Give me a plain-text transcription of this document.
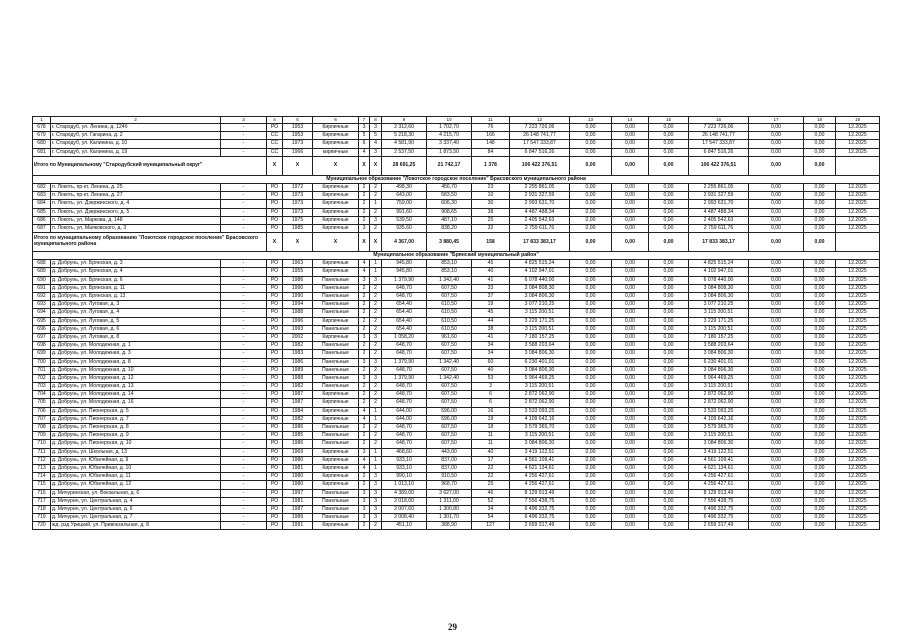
1	2	3	4	5	6	7	8	9	10	11	12	13	14	15	16	17	18	19
678	г. Стародуб, ул. Ленина, д. 124б	-	РО	1953	Кирпичные	3	3	2 312,60	1 702,70	76	7 223 726,06	0,00	0,00	0,00	7 223 726,06	0,00	0,00	12.2025
679	г. Стародуб, ул. Гагарина, д. 2	-	СС	1953	Кирпичные	5	5	5 218,30	4 215,70	166	26 148 741,77	0,00	0,00	0,00	26 148 741,77	0,00	0,00	12.2025
680	г. Стародуб, ул. Калинина, д. 10	-	СС	1973	Кирпичные	6	4	4 581,90	3 337,40	148	17 547 333,87	0,00	0,00	0,00	17 547 333,87	0,00	0,00	12.2025
681	г. Стародуб, ул. Калинина, д. 19	-	СС	1966	кирпичные	4	3	2 537,50	1 873,50	84	6 847 516,26	0,00	0,00	0,00	6 847 516,26	0,00	0,00	12.2025
Итого по Муниципальному "Стародубский муниципальный округ"			X	X	X	X	X	28 691,25	21 742,17	1 378	106 422 376,51	0,00	0,00	0,00	106 422 376,51	0,00	0,00	
Муниципальное образование "Локотское городское поселение" Брасовского муниципального района																		
682	п. Локоть, пр-кт. Ленина, д. 25	-	РО	1972	Кирпичные	2	2	498,30	456,70	23	2 255 861,05	0,00	0,00	0,00	2 255 861,05	0,00	0,00	12.2025
683	п. Локоть, пр-кт. Ленина, д. 27	-	РО	1973	Кирпичные	2	2	643,00	583,50	10	2 931 327,59	0,00	0,00	0,00	2 931 327,59	0,00	0,00	12.2025
684	п. Локоть, ул. Дзержинского, д. 4	-	РО	1973	Кирпичные	2	1	759,00	606,30	30	2 993 631,70	0,00	0,00	0,00	2 993 631,70	0,00	0,00	12.2025
685	п. Локоть, ул. Дзержинского, д. 5	-	РО	1973	Кирпичные	2	2	991,60	908,65	38	4 487 488,34	0,00	0,00	0,00	4 487 488,34	0,00	0,00	12.2025
686	п. Локоть, ул. Маркова, д. 148	-	РО	1975	Кирпичные	2	3	539,50	487,10	25	2 405 542,63	0,00	0,00	0,00	2 405 542,63	0,00	0,00	12.2025
687	п. Локоть, ул. Маяковского, д. 3	-	РО	1985	Кирпичные	3	2	935,60	838,20	32	2 759 611,76	0,00	0,00	0,00	2 759 611,76	0,00	0,00	12.2025
Итого по муниципальному образованию "Локотское городское поселение" Брасовского муниципального района			X	X	X	X	X	4 367,00	3 880,45	158	17 833 383,17	0,00	0,00	0,00	17 833 383,17	0,00	0,00	
Муниципальное образование "Брянский муниципальный район"																		
688	д. Добрунь, ул. Брянская, д. 3	-	РО	1963	Кирпичные	4	1	945,80	853,10	45	4 825 515,24	0,00	0,00	0,00	4 825 515,24	0,00	0,00	12.2025
689	д. Добрунь, ул. Брянская, д. 4	-	РО	1955	Кирпичные	4	1	945,80	853,10	40	4 102 947,01	0,00	0,00	0,00	4 102 947,01	0,00	0,00	12.2025
690	д. Добрунь, ул. Брянская, д. 6	-	РО	1986	Панельные	3	3	1 379,90	1 342,40	41	6 078 440,00	0,00	0,00	0,00	6 078 440,00	0,00	0,00	12.2025
691	д. Добрунь, ул. Брянская, д. 11	-	РО	1990	Панельные	2	2	648,70	607,50	33	3 084 808,30	0,00	0,00	0,00	3 084 808,30	0,00	0,00	12.2025
692	д. Добрунь, ул. Брянская, д. 13	-	РО	1990	Панельные	2	2	648,70	607,50	37	3 084 806,30	0,00	0,00	0,00	3 084 806,30	0,00	0,00	12.2025
693	д. Добрунь, ул. Луговая, д. 3	-	РО	1994	Панельные	2	2	654,40	610,50	19	3 077 210,25	0,00	0,00	0,00	3 077 210,25	0,00	0,00	12.2025
694	д. Добрунь, ул. Луговая, д. 4	-	РО	1988	Панельные	2	2	654,40	610,50	45	3 115 200,51	0,00	0,00	0,00	3 115 200,51	0,00	0,00	12.2025
695	д. Добрунь, ул. Луговая, д. 5	-	РО	1996	Кирпичные	2	2	654,40	610,50	44	3 229 171,25	0,00	0,00	0,00	3 229 171,25	0,00	0,00	12.2025
696	д. Добрунь, ул. Луговая, д. 6	-	РО	1993	Панельные	2	2	654,40	610,50	38	3 115 200,51	0,00	0,00	0,00	3 115 200,51	0,00	0,00	12.2025
697	д. Добрунь, ул. Луговая, д. 8	-	РО	2002	Кирпичные	3	3	1 058,20	961,60	41	7 180 157,25	0,00	0,00	0,00	7 180 157,25	0,00	0,00	12.2025
698	д. Добрунь, ул. Молодежная, д. 1	-	РО	1982	Панельные	2	2	648,70	607,50	34	3 588 203,64	0,00	0,00	0,00	3 588 203,64	0,00	0,00	12.2025
699	д. Добрунь, ул. Молодежная, д. 3	-	РО	1983	Панельные	2	2	648,70	607,50	34	3 084 806,30	0,00	0,00	0,00	3 084 806,30	0,00	0,00	12.2025
700	д. Добрунь, ул. Молодежная, д. 8	-	РО	1986	Панельные	3	3	1 379,90	1 342,40	60	6 230 401,01	0,00	0,00	0,00	6 230 401,01	0,00	0,00	12.2025
701	д. Добрунь, ул. Молодежная, д. 10	-	РО	1989	Панельные	2	2	648,70	607,50	40	3 084 806,30	0,00	0,00	0,00	3 084 806,30	0,00	0,00	12.2025
702	д. Добрунь, ул. Молодежная, д. 12	-	РО	1988	Панельные	3	3	1 379,90	1 342,40	53	5 964 469,25	0,00	0,00	0,00	5 964 469,25	0,00	0,00	12.2025
703	д. Добрунь, ул. Молодежная, д. 13	-	РО	1982	Панельные	2	2	648,70	607,50	3	3 115 200,51	0,00	0,00	0,00	3 115 200,51	0,00	0,00	12.2025
704	д. Добрунь, ул. Молодежная, д. 14	-	РО	1987	Кирпичные	2	2	648,70	607,50	6	2 872 062,90	0,00	0,00	0,00	2 872 062,90	0,00	0,00	12.2025
705	д. Добрунь, ул. Молодежная, д. 16	-	РО	1987	Кирпичные	2	2	648,70	607,50	6	2 872 062,90	0,00	0,00	0,00	2 872 062,90	0,00	0,00	12.2025
706	д. Добрунь, ул. Пионерская, д. 5	-	РО	1984	Кирпичные	4	1	644,00	596,00	16	3 533 093,25	0,00	0,00	0,00	3 533 093,25	0,00	0,00	12.2025
707	д. Добрунь, ул. Пионерская, д. 7	-	РО	1982	Кирпичные	4	1	644,00	596,00	19	4 109 642,16	0,00	0,00	0,00	4 109 642,16	0,00	0,00	12.2025
708	д. Добрунь, ул. Пионерская, д. 8	-	РО	1986	Панельные	2	2	648,70	607,50	18	3 579 365,70	0,00	0,00	0,00	3 579 365,70	0,00	0,00	12.2025
709	д. Добрунь, ул. Пионерская, д. 9	-	РО	1985	Панельные	2	2	648,70	607,50	11	3 115 200,51	0,00	0,00	0,00	3 115 200,51	0,00	0,00	12.2025
710	д. Добрунь, ул. Пионерская, д. 10	-	РО	1986	Панельные	2	2	648,70	607,50	11	3 084 806,30	0,00	0,00	0,00	3 084 806,30	0,00	0,00	12.2025
711	д. Добрунь, ул. Школьная, д. 13	-	РО	1969	Кирпичные	3	1	468,60	443,00	40	3 419 122,51	0,00	0,00	0,00	3 419 122,51	0,00	0,00	12.2025
712	д. Добрунь, ул. Юбилейная, д. 9	-	РО	1980	Кирпичные	4	1	933,10	837,00	17	4 561 109,41	0,00	0,00	0,00	4 561 109,41	0,00	0,00	12.2025
713	д. Добрунь, ул. Юбилейная, д. 10	-	РО	1981	Кирпичные	4	1	933,10	837,00	22	4 621 134,61	0,00	0,00	0,00	4 621 134,61	0,00	0,00	12.2025
714	д. Добрунь, ул. Юбилейная, д. 11	-	РО	1980	Кирпичные	2	3	990,10	910,50	22	4 256 427,61	0,00	0,00	0,00	4 256 427,61	0,00	0,00	12.2025
715	д. Добрунь, ул. Юбилейная, д. 12	-	РО	1980	Кирпичные	2	3	1 013,10	968,70	25	4 256 427,61	0,00	0,00	0,00	4 256 427,61	0,00	0,00	12.2025
716	д. Мичуринская, ул. Вокзальная, д. 6	-	РО	1997	Панельные	3	3	4 389,00	3 627,00	46	8 129 913,49	0,00	0,00	0,00	8 129 913,49	0,00	0,00	12.2025
717	д. Мичурин, ул. Центральная, д. 4	-	РО	1981	Панельные	3	3	2 018,00	1 311,00	52	7 556 438,75	0,00	0,00	0,00	7 556 438,75	0,00	0,00	12.2025
718	д. Мичурин, ул. Центральная, д. 6	-	РО	1987	Панельные	3	3	2 007,60	1 300,80	34	6 496 332,75	0,00	0,00	0,00	6 496 332,75	0,00	0,00	12.2025
719	д. Мичурин, ул. Центральная, д. 7	-	РО	1989	Панельные	3	3	2 008,40	1 301,70	54	6 496 332,75	0,00	0,00	0,00	6 496 332,75	0,00	0,00	12.2025
720	жд. рзд Урицкий, ул. Привокзальная, д. 8	-	РО	1991	Кирпичные	2	2	451,10	388,90	127	2 659 317,49	0,00	0,00	0,00	2 659 317,49	0,00	0,00	12.2025
29
